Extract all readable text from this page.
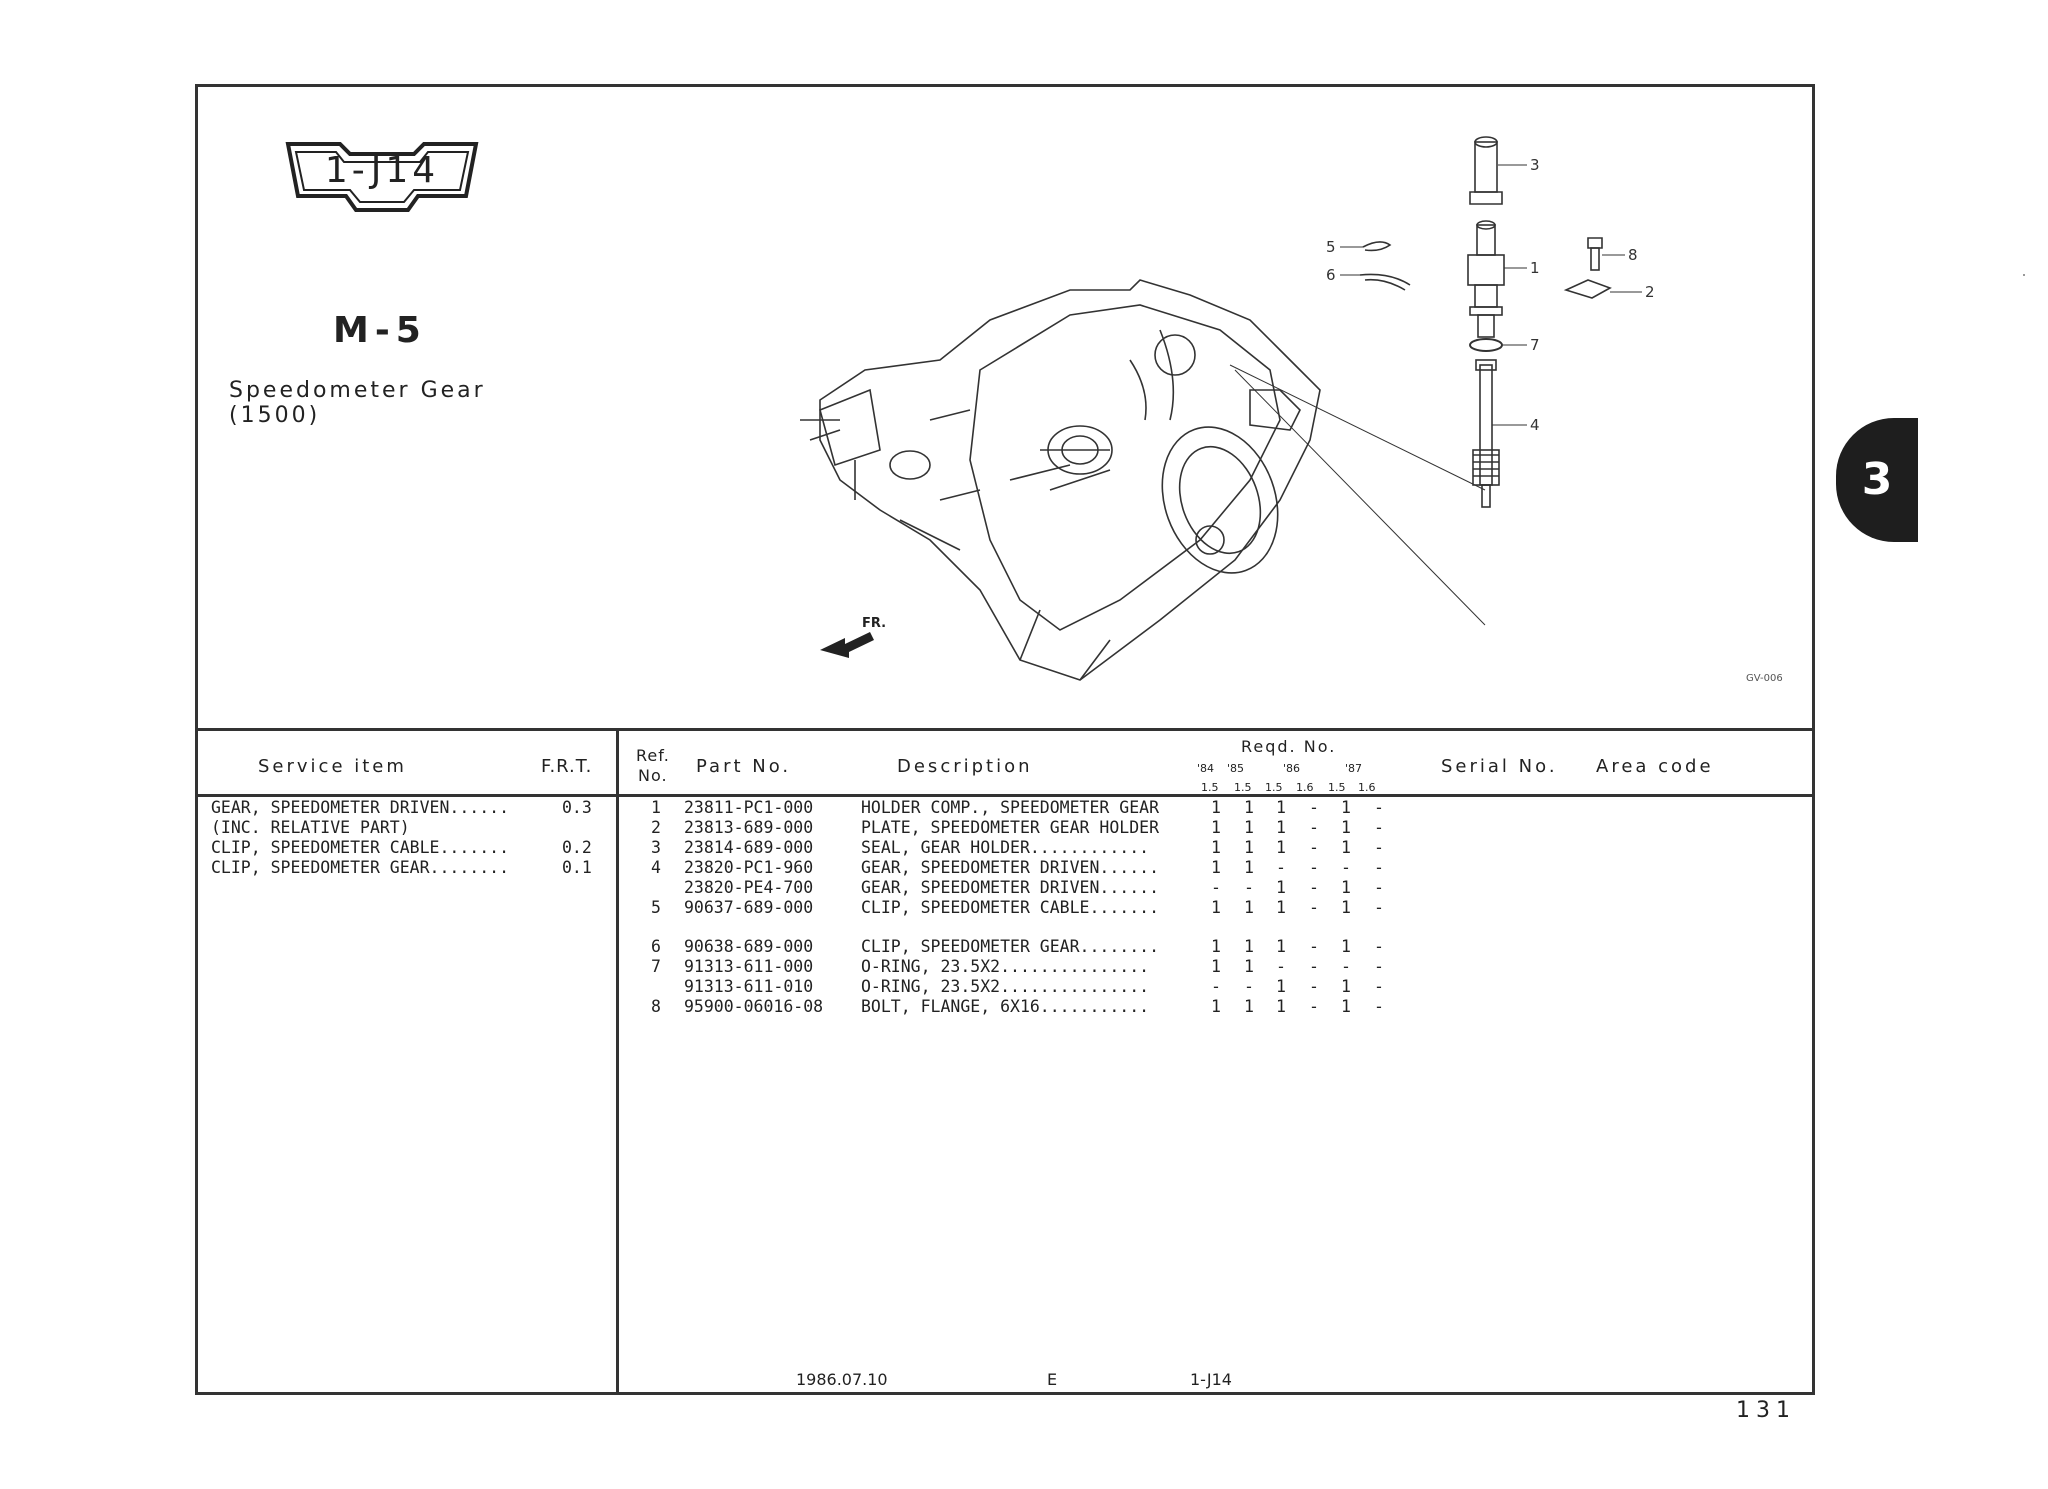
1-J14
M-5
Speedometer Gear
(1500)
FR.
3
1
2
5
6
7
4
8
GV-006
3
Service item	F.R.T.
Ref.
No. Part No.	Description
Reqd. No.
'84 '85	'86	'87
1.5 1.5 1.5 1.6 1.5 1.6
Serial No. Area code
GEAR, SPEEDOMETER DRIVEN......	0.3
(INC. RELATIVE PART)
CLIP, SPEEDOMETER CABLE.......	0.2
CLIP, SPEEDOMETER GEAR........	0.1
1 23811-PC1-000	HOLDER COMP., SPEEDOMETER GEAR	1 1 1 - 1 -
2 23813-689-000	PLATE, SPEEDOMETER GEAR HOLDER	1 1 1 - 1 -
3 23814-689-000	SEAL, GEAR HOLDER............	1 1 1 - 1 -
4 23820-PC1-960	GEAR, SPEEDOMETER DRIVEN......	1 1 - - - -
23820-PE4-700	GEAR, SPEEDOMETER DRIVEN......	- - 1 - 1 -
5 90637-689-000	CLIP, SPEEDOMETER CABLE.......	1 1 1 - 1 -
6 90638-689-000	CLIP, SPEEDOMETER GEAR........	1 1 1 - 1 -
7 91313-611-000	O-RING, 23.5X2...............	1 1 - - - -
91313-611-010	O-RING, 23.5X2...............	- - 1 - 1 -
8 95900-06016-08 BOLT, FLANGE, 6X16...........	1 1 1 - 1 -
1986.07.10	E	1-J14
131
